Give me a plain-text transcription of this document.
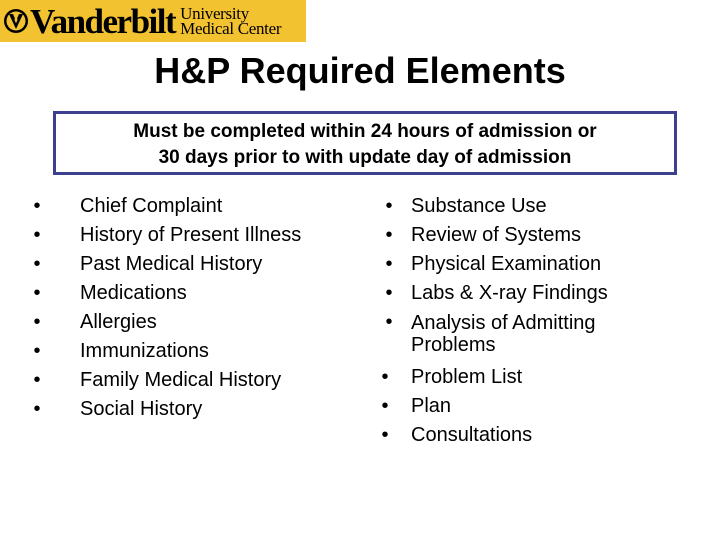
Vanderbilt University
Medical Center
H&P Required Elements
Must be completed within 24 hours of admission or
30 days prior to with update day of admission
• Chief Complaint
• History of Present Illness
• Past Medical History
• Medications
• Allergies
• Immunizations
• Family Medical History
• Social History
• Substance Use
• Review of Systems
• Physical Examination
• Labs & X-ray Findings
• Analysis of Admitting Problems
• Problem List
• Plan
• Consultations
